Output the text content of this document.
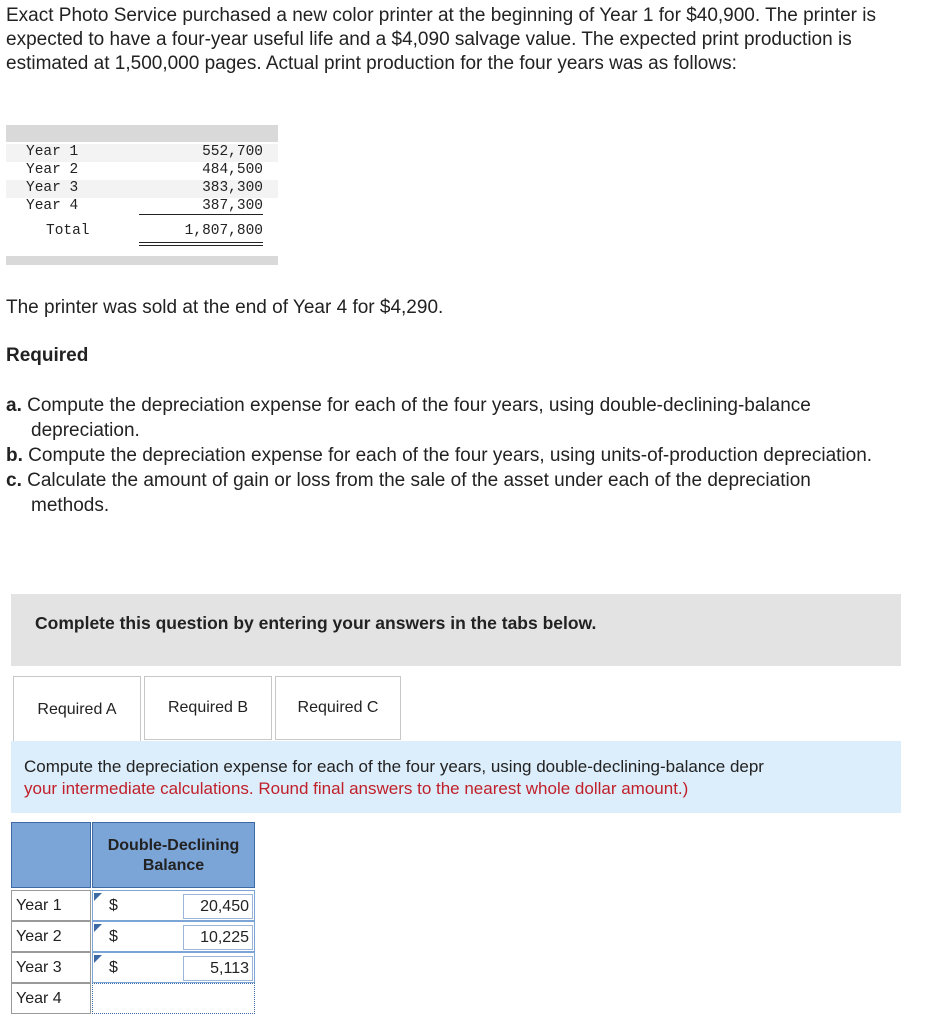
Exact Photo Service purchased a new color printer at the beginning of Year 1 for $40,900. The printer is expected to have a four-year useful life and a $4,090 salvage value. The expected print production is estimated at 1,500,000 pages. Actual print production for the four years was as follows:

Year 1	552,700
Year 2	484,500
Year 3	383,300
Year 4	387,300
Total	1,807,800

The printer was sold at the end of Year 4 for $4,290.

Required

a. Compute the depreciation expense for each of the four years, using double-declining-balance depreciation.
b. Compute the depreciation expense for each of the four years, using units-of-production depreciation.
c. Calculate the amount of gain or loss from the sale of the asset under each of the depreciation methods.
Complete this question by entering your answers in the tabs below.
Required A	Required B	Required C
Compute the depreciation expense for each of the four years, using double-declining-balance depr
your intermediate calculations. Round final answers to the nearest whole dollar amount.)
Double-Declining Balance
Year 1	$	20,450
Year 2	$	10,225
Year 3	$	5,113
Year 4
